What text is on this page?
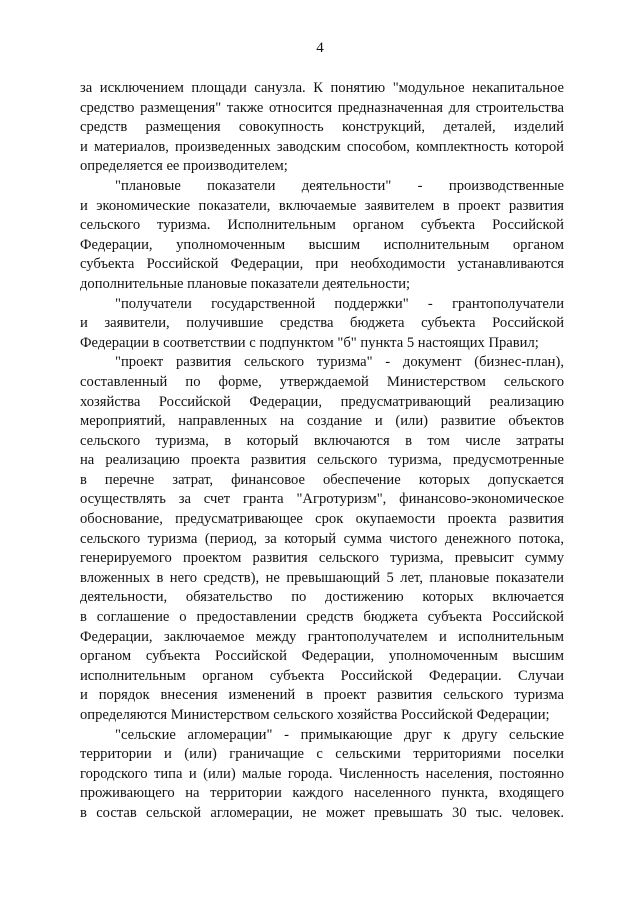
4
за исключением площади санузла. К понятию "модульное некапитальное
средство размещения" также относится предназначенная для строительства
средств размещения совокупность конструкций, деталей, изделий
и материалов, произведенных заводским способом, комплектность которой
определяется ее производителем;
"плановые показатели деятельности" - производственные
и экономические показатели, включаемые заявителем в проект развития
сельского туризма. Исполнительным органом субъекта Российской
Федерации, уполномоченным высшим исполнительным органом
субъекта Российской Федерации, при необходимости устанавливаются
дополнительные плановые показатели деятельности;
"получатели государственной поддержки" - грантополучатели
и заявители, получившие средства бюджета субъекта Российской
Федерации в соответствии с подпунктом "б" пункта 5 настоящих Правил;
"проект развития сельского туризма" - документ (бизнес-план),
составленный по форме, утверждаемой Министерством сельского
хозяйства Российской Федерации, предусматривающий реализацию
мероприятий, направленных на создание и (или) развитие объектов
сельского туризма, в который включаются в том числе затраты
на реализацию проекта развития сельского туризма, предусмотренные
в перечне затрат, финансовое обеспечение которых допускается
осуществлять за счет гранта "Агротуризм", финансово-экономическое
обоснование, предусматривающее срок окупаемости проекта развития
сельского туризма (период, за который сумма чистого денежного потока,
генерируемого проектом развития сельского туризма, превысит сумму
вложенных в него средств), не превышающий 5 лет, плановые показатели
деятельности, обязательство по достижению которых включается
в соглашение о предоставлении средств бюджета субъекта Российской
Федерации, заключаемое между грантополучателем и исполнительным
органом субъекта Российской Федерации, уполномоченным высшим
исполнительным органом субъекта Российской Федерации. Случаи
и порядок внесения изменений в проект развития сельского туризма
определяются Министерством сельского хозяйства Российской Федерации;
"сельские агломерации" - примыкающие друг к другу сельские
территории и (или) граничащие с сельскими территориями поселки
городского типа и (или) малые города. Численность населения, постоянно
проживающего на территории каждого населенного пункта, входящего
в состав сельской агломерации, не может превышать 30 тыс. человек.
